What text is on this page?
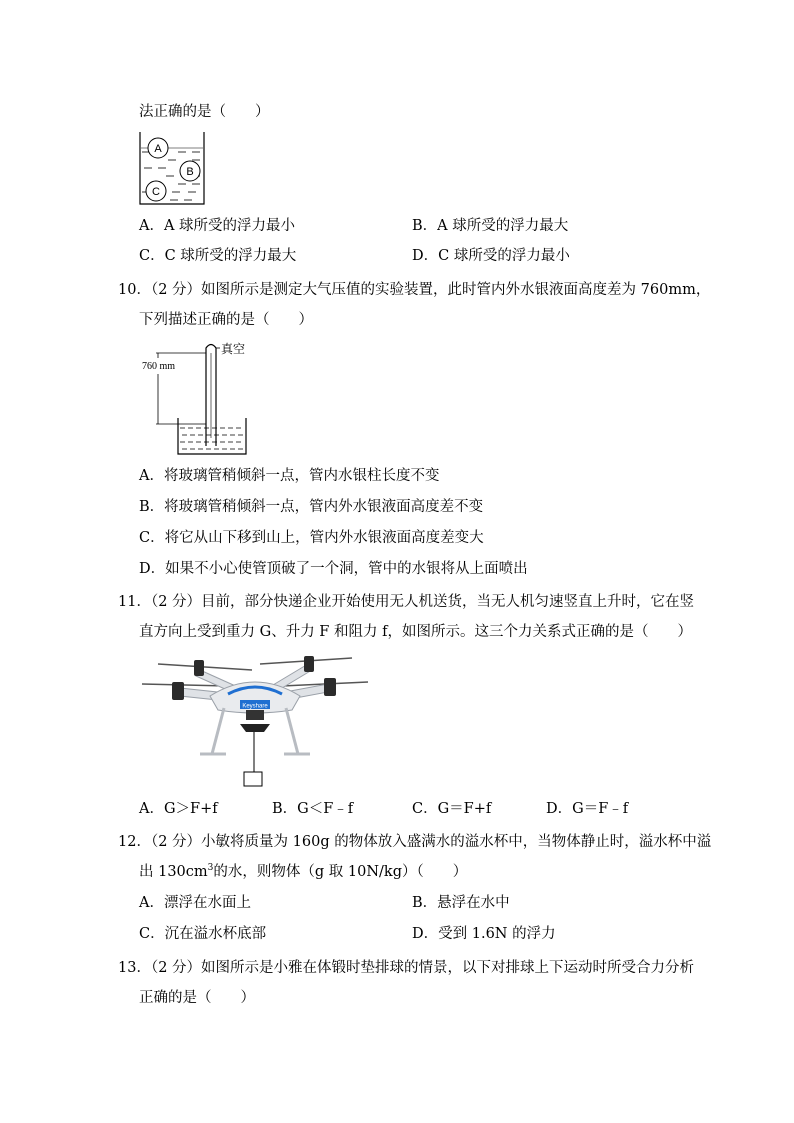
法正确的是（　　）
A
B
C
A．A 球所受的浮力最小	B．A 球所受的浮力最大
C．C 球所受的浮力最大	D．C 球所受的浮力最小
10．（2 分）如图所示是测定大气压值的实验装置，此时管内外水银液面高度差为 760mm，
下列描述正确的是（　　）
真空
760 mm
A．将玻璃管稍倾斜一点，管内水银柱长度不变
B．将玻璃管稍倾斜一点，管内外水银液面高度差不变
C．将它从山下移到山上，管内外水银液面高度差变大
D．如果不小心使管顶破了一个洞，管中的水银将从上面喷出
11．（2 分）目前，部分快递企业开始使用无人机送货，当无人机匀速竖直上升时，它在竖
直方向上受到重力 G、升力 F 和阻力 f，如图所示。这三个力关系式正确的是（　　）
Keyshare
A．G＞F+f	B．G＜F﹣f	C．G＝F+f	D．G＝F﹣f
12．（2 分）小敏将质量为 160g 的物体放入盛满水的溢水杯中，当物体静止时，溢水杯中溢
出 $130cm^3$的水，则物体（g 取 10N/kg）（　　）
A．漂浮在水面上	B．悬浮在水中
C．沉在溢水杯底部	D．受到 1.6N 的浮力
13．（2 分）如图所示是小雅在体锻时垫排球的情景，以下对排球上下运动时所受合力分析
正确的是（　　）
